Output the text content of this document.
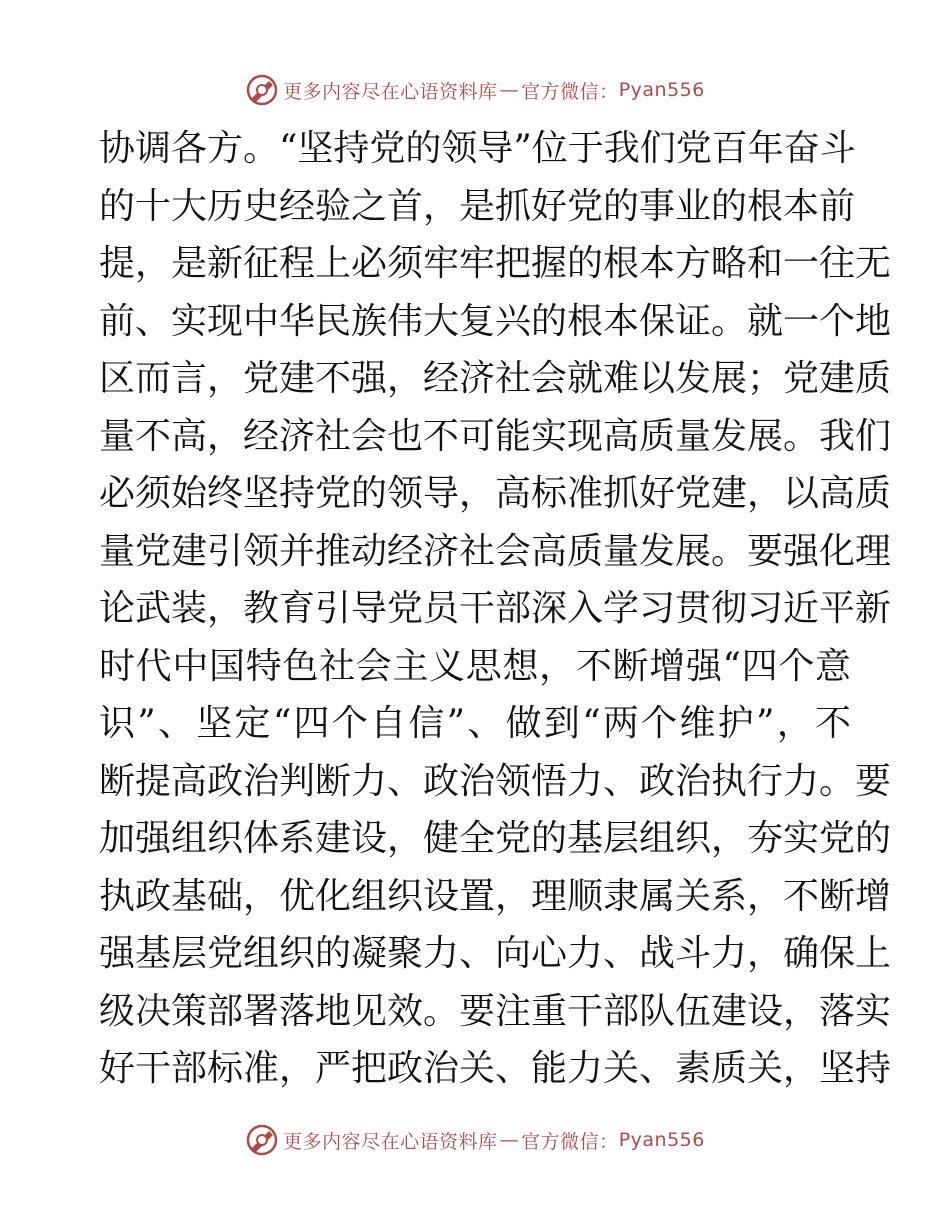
更多内容尽在心语资料库 — 官方微信： Pyan556
协调各方。“坚持党的领导”位于我们党百年奋斗
的十大历史经验之首，是抓好党的事业的根本前
提，是新征程上必须牢牢把握的根本方略和一往无
前、实现中华民族伟大复兴的根本保证。就一个地
区而言，党建不强，经济社会就难以发展；党建质
量不高，经济社会也不可能实现高质量发展。我们
必须始终坚持党的领导，高标准抓好党建，以高质
量党建引领并推动经济社会高质量发展。要强化理
论武装，教育引导党员干部深入学习贯彻习近平新
时代中国特色社会主义思想，不断增强“四个意
识”、坚定“四个自信”、做到“两个维护”，不
断提高政治判断力、政治领悟力、政治执行力。要
加强组织体系建设，健全党的基层组织，夯实党的
执政基础，优化组织设置，理顺隶属关系，不断增
强基层党组织的凝聚力、向心力、战斗力，确保上
级决策部署落地见效。要注重干部队伍建设，落实
好干部标准，严把政治关、能力关、素质关，坚持
更多内容尽在心语资料库 — 官方微信： Pyan556
